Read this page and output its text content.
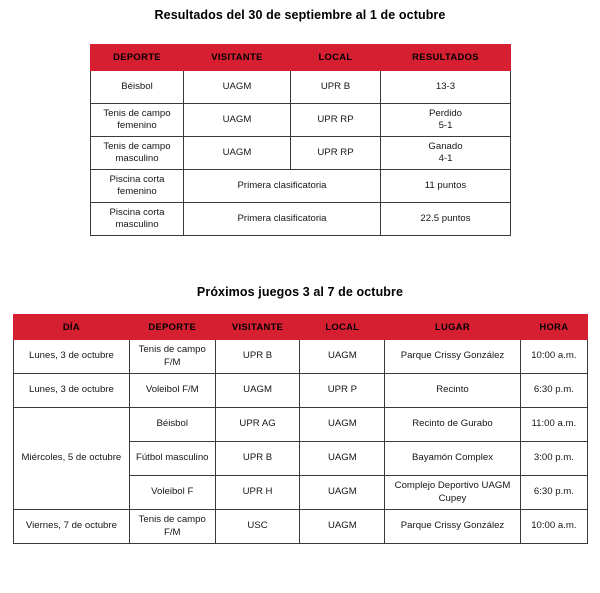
Resultados del 30 de septiembre al 1 de octubre
DEPORTE	VISITANTE	LOCAL	RESULTADOS
Béisbol	UAGM	UPR B	13-3

Tenis de campo femenino	UAGM	UPR RP	Perdido
5-1

Tenis de campo masculino	UAGM	UPR RP	Ganado
4-1

Piscina corta femenino	Primera clasificatoria		11 puntos

Piscina corta masculino	Primera clasificatoria		22.5 puntos
Próximos juegos 3 al 7 de octubre
DÍA	DEPORTE	VISITANTE	LOCAL	LUGAR	HORA
Lunes, 3 de octubre	Tenis de campo F/M	UPR B	UAGM	Parque Crissy González	10:00 a.m.
Lunes, 3 de octubre	Voleibol F/M	UAGM	UPR P	Recinto	6:30 p.m.
Miércoles, 5 de octubre	Béisbol	UPR AG	UAGM	Recinto de Gurabo	11:00 a.m.
	Fútbol masculino	UPR B	UAGM	Bayamón Complex	3:00 p.m.
	Voleibol F	UPR H	UAGM	Complejo Deportivo UAGM Cupey	6:30 p.m.
Viernes, 7 de octubre	Tenis de campo F/M	USC	UAGM	Parque Crissy González	10:00 a.m.
